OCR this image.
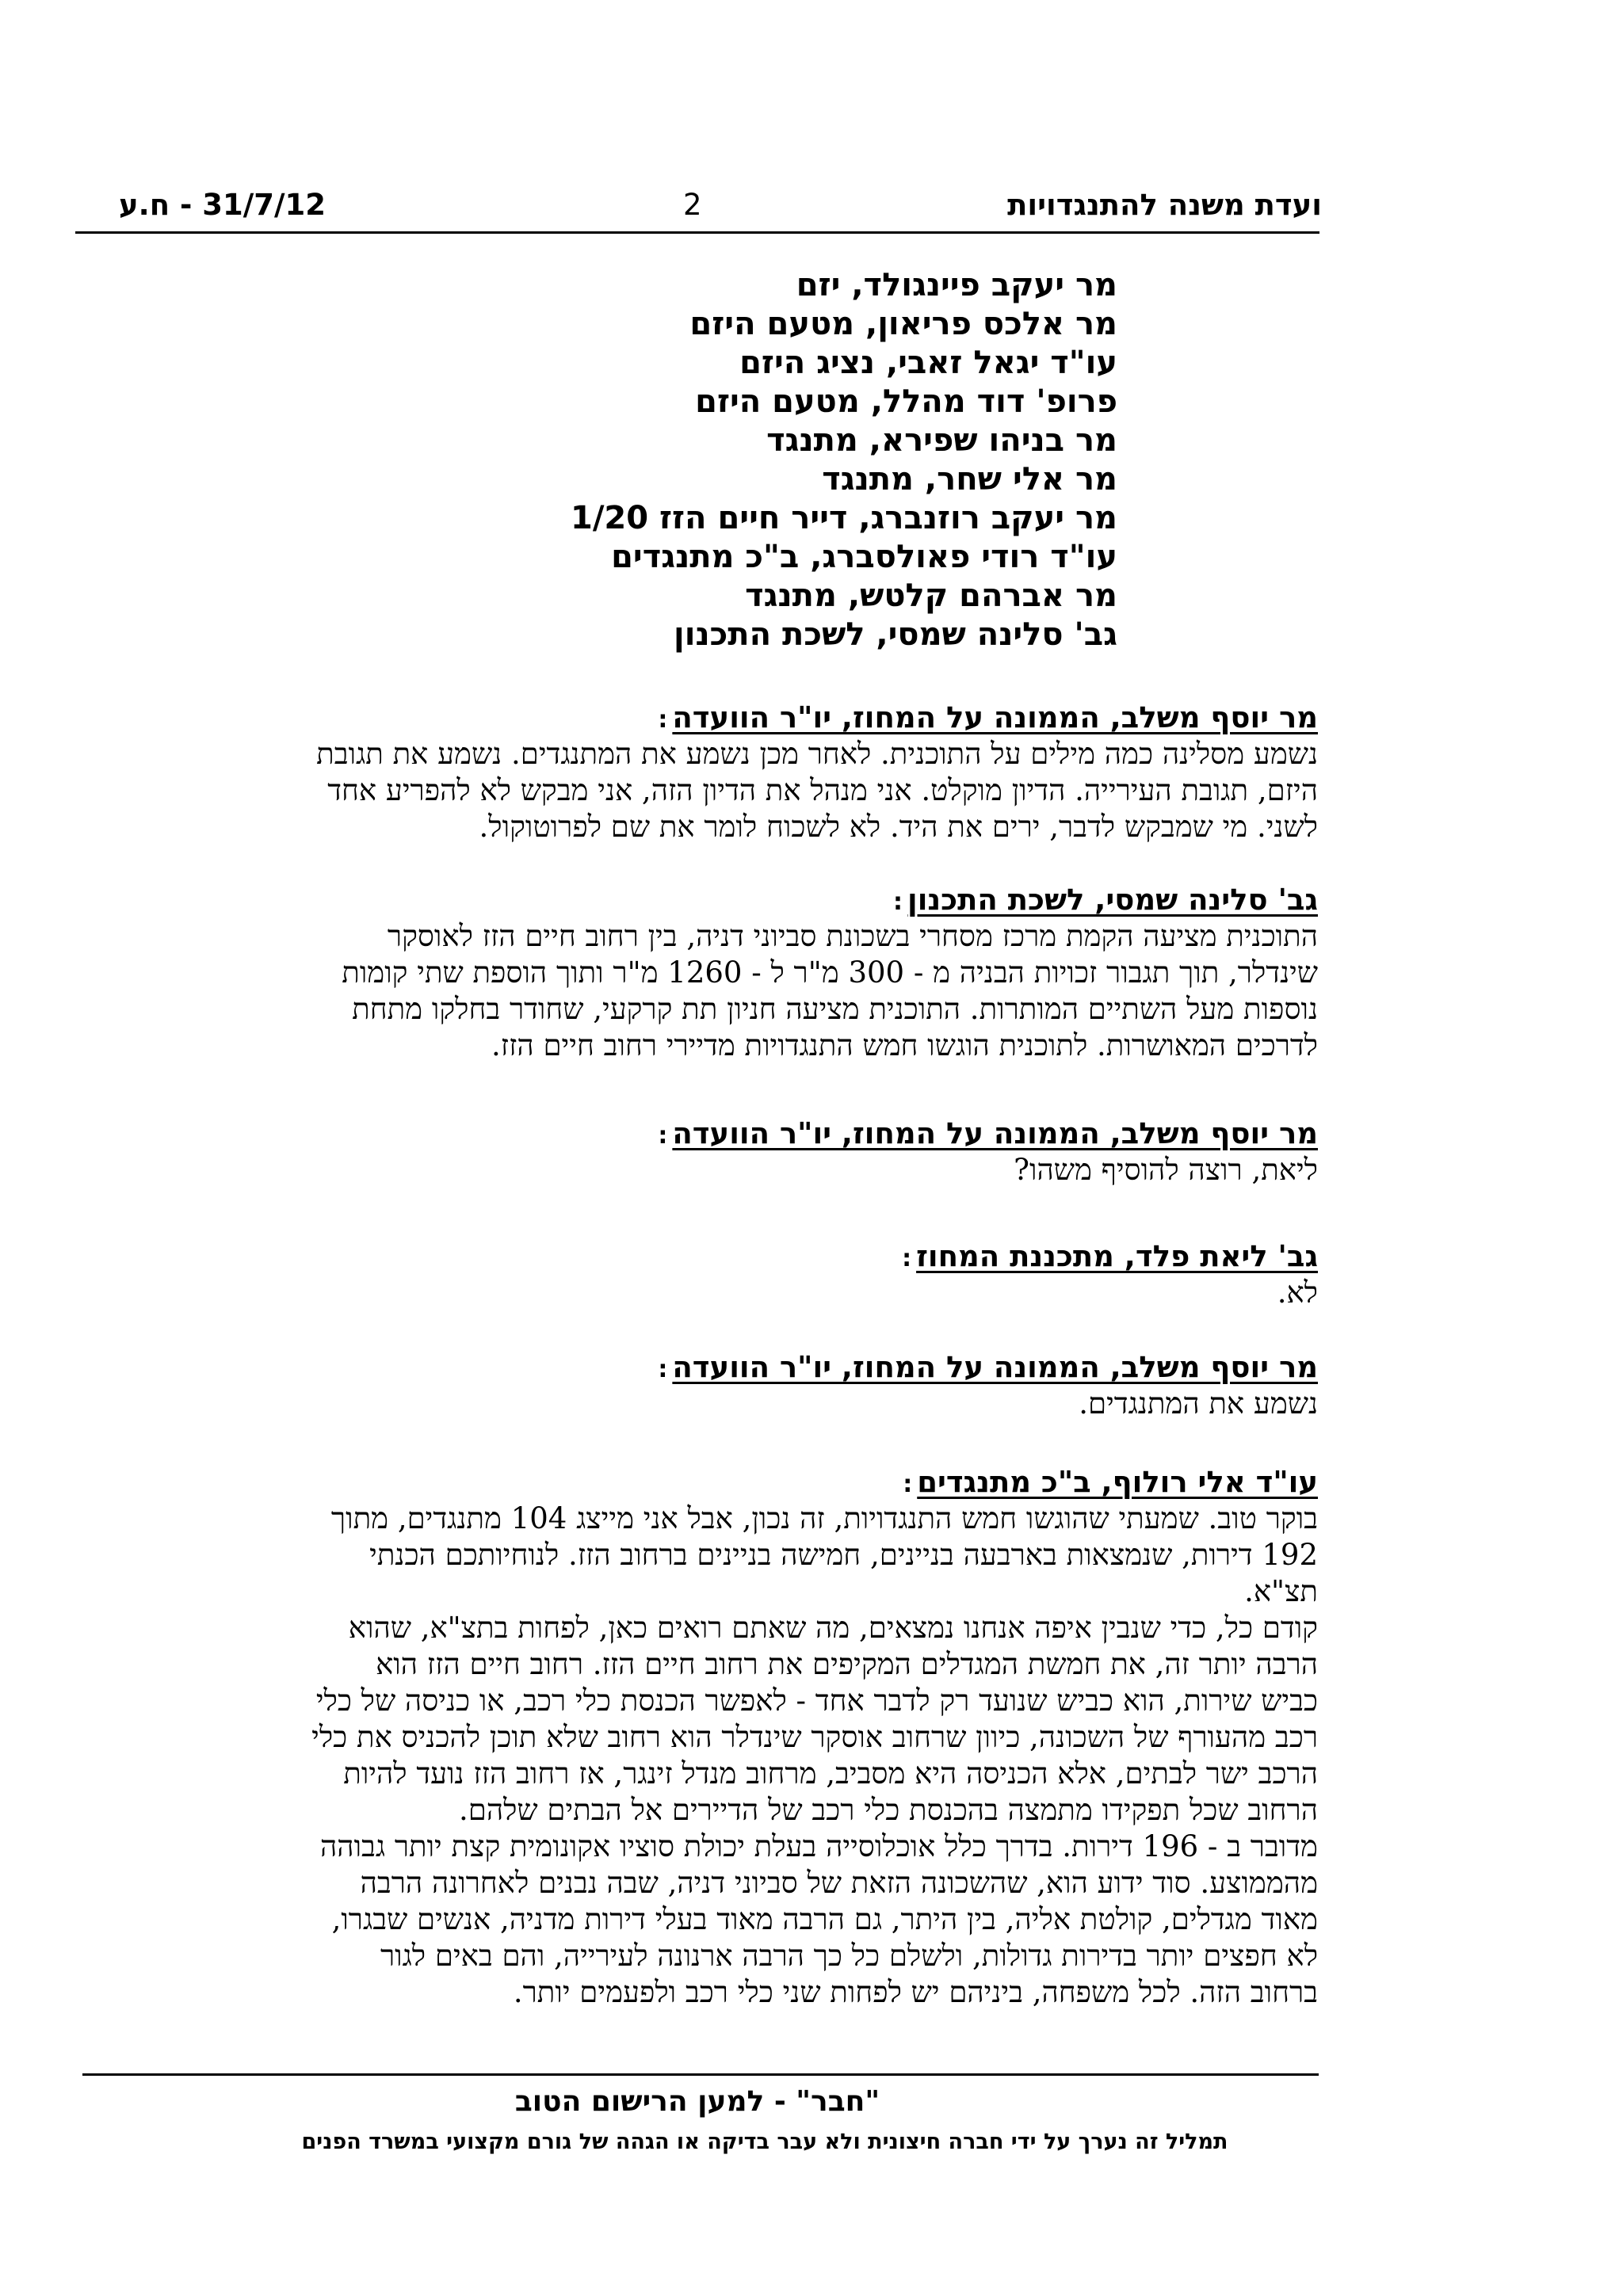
ועדת משנה להתנגדויות
2
31/7/12 - ח.ע
מר יעקב פיינגולד, יזם
מר אלכס פריאון, מטעם היזם
עו"ד יגאל זאבי, נציג היזם
פרופ' דוד מהלל, מטעם היזם
מר בניהו שפירא, מתנגד
מר אלי שחר, מתנגד
מר יעקב רוזנברג, דייר חיים הזז 1/20
עו"ד רודי פאולסברג, ב"כ מתנגדים
מר אברהם קלטש, מתנגד
גב' סלינה שמסי, לשכת התכנון
מר יוסף משלב, הממונה על המחוז, יו"ר הוועדה:
נשמע מסלינה כמה מילים על התוכנית. לאחר מכן נשמע את המתנגדים. נשמע את תגובת
היזם, תגובת העירייה. הדיון מוקלט. אני מנהל את הדיון הזה, אני מבקש לא להפריע אחד
לשני. מי שמבקש לדבר, ירים את היד. לא לשכוח לומר את שם לפרוטוקול.
גב' סלינה שמסי, לשכת התכנון:
התוכנית מציעה הקמת מרכז מסחרי בשכונת סביוני דניה, בין רחוב חיים הזז לאוסקר
שינדלר, תוך תגבור זכויות הבניה מ - 300 מ"ר ל - 1260 מ"ר ותוך הוספת שתי קומות
נוספות מעל השתיים המותרות. התוכנית מציעה חניון תת קרקעי, שחודר בחלקו מתחת
לדרכים המאושרות. לתוכנית הוגשו חמש התנגדויות מדיירי רחוב חיים הזז.
מר יוסף משלב, הממונה על המחוז, יו"ר הוועדה:
ליאת, רוצה להוסיף משהו?
גב' ליאת פלד, מתכננת המחוז:
לא.
מר יוסף משלב, הממונה על המחוז, יו"ר הוועדה:
נשמע את המתנגדים.
עו"ד אלי רולוף, ב"כ מתנגדים:
בוקר טוב. שמעתי שהוגשו חמש התנגדויות, זה נכון, אבל אני מייצג 104 מתנגדים, מתוך
192 דירות, שנמצאות בארבעה בניינים, חמישה בניינים ברחוב הזז. לנוחיותכם הכנתי
תצ"א.
קודם כל, כדי שנבין איפה אנחנו נמצאים, מה שאתם רואים כאן, לפחות בתצ"א, שהוא
הרבה יותר זה, את חמשת המגדלים המקיפים את רחוב חיים הזז. רחוב חיים הזז הוא
כביש שירות, הוא כביש שנועד רק לדבר אחד - לאפשר הכנסת כלי רכב, או כניסה של כלי
רכב מהעורף של השכונה, כיוון שרחוב אוסקר שינדלר הוא רחוב שלא תוכן להכניס את כלי
הרכב ישר לבתים, אלא הכניסה היא מסביב, מרחוב מנדל זינגר, אז רחוב הזז נועד להיות
הרחוב שכל תפקידו מתמצה בהכנסת כלי רכב של הדיירים אל הבתים שלהם.
מדובר ב - 196 דירות. בדרך כלל אוכלוסייה בעלת יכולת סוציו אקונומית קצת יותר גבוהה
מהממוצע. סוד ידוע הוא, שהשכונה הזאת של סביוני דניה, שבה נבנים לאחרונה הרבה
מאוד מגדלים, קולטת אליה, בין היתר, גם הרבה מאוד בעלי דירות מדניה, אנשים שבגרו,
לא חפצים יותר בדירות גדולות, ולשלם כל כך הרבה ארנונה לעירייה, והם באים לגור
ברחוב הזה. לכל משפחה, ביניהם יש לפחות שני כלי רכב ולפעמים יותר.
"חבר" - למען הרישום הטוב
תמליל זה נערך על ידי חברה חיצונית ולא עבר בדיקה או הגהה של גורם מקצועי במשרד הפנים
